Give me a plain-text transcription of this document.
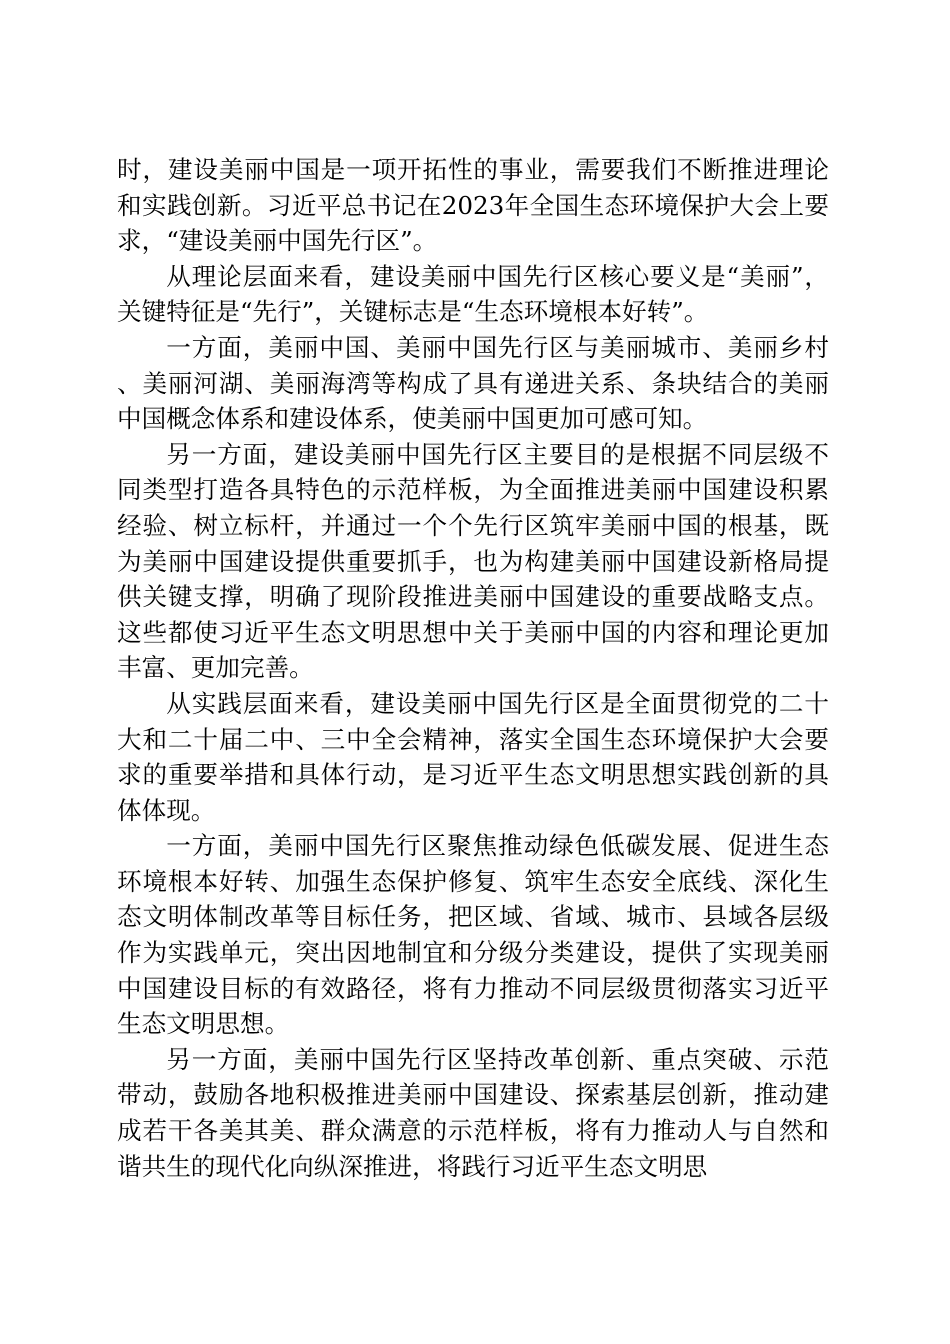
时，建设美丽中国是一项开拓性的事业，需要我们不断推进理论和实践创新。习近平总书记在2023年全国生态环境保护大会上要求，“建设美丽中国先行区”。

从理论层面来看，建设美丽中国先行区核心要义是“美丽”，关键特征是“先行”，关键标志是“生态环境根本好转”。

一方面，美丽中国、美丽中国先行区与美丽城市、美丽乡村、美丽河湖、美丽海湾等构成了具有递进关系、条块结合的美丽中国概念体系和建设体系，使美丽中国更加可感可知。

另一方面，建设美丽中国先行区主要目的是根据不同层级不同类型打造各具特色的示范样板，为全面推进美丽中国建设积累经验、树立标杆，并通过一个个先行区筑牢美丽中国的根基，既为美丽中国建设提供重要抓手，也为构建美丽中国建设新格局提供关键支撑，明确了现阶段推进美丽中国建设的重要战略支点。这些都使习近平生态文明思想中关于美丽中国的内容和理论更加丰富、更加完善。

从实践层面来看，建设美丽中国先行区是全面贯彻党的二十大和二十届二中、三中全会精神，落实全国生态环境保护大会要求的重要举措和具体行动，是习近平生态文明思想实践创新的具体体现。

一方面，美丽中国先行区聚焦推动绿色低碳发展、促进生态环境根本好转、加强生态保护修复、筑牢生态安全底线、深化生态文明体制改革等目标任务，把区域、省域、城市、县域各层级作为实践单元，突出因地制宜和分级分类建设，提供了实现美丽中国建设目标的有效路径，将有力推动不同层级贯彻落实习近平生态文明思想。

另一方面，美丽中国先行区坚持改革创新、重点突破、示范带动，鼓励各地积极推进美丽中国建设、探索基层创新，推动建成若干各美其美、群众满意的示范样板，将有力推动人与自然和谐共生的现代化向纵深推进，将践行习近平生态文明思
